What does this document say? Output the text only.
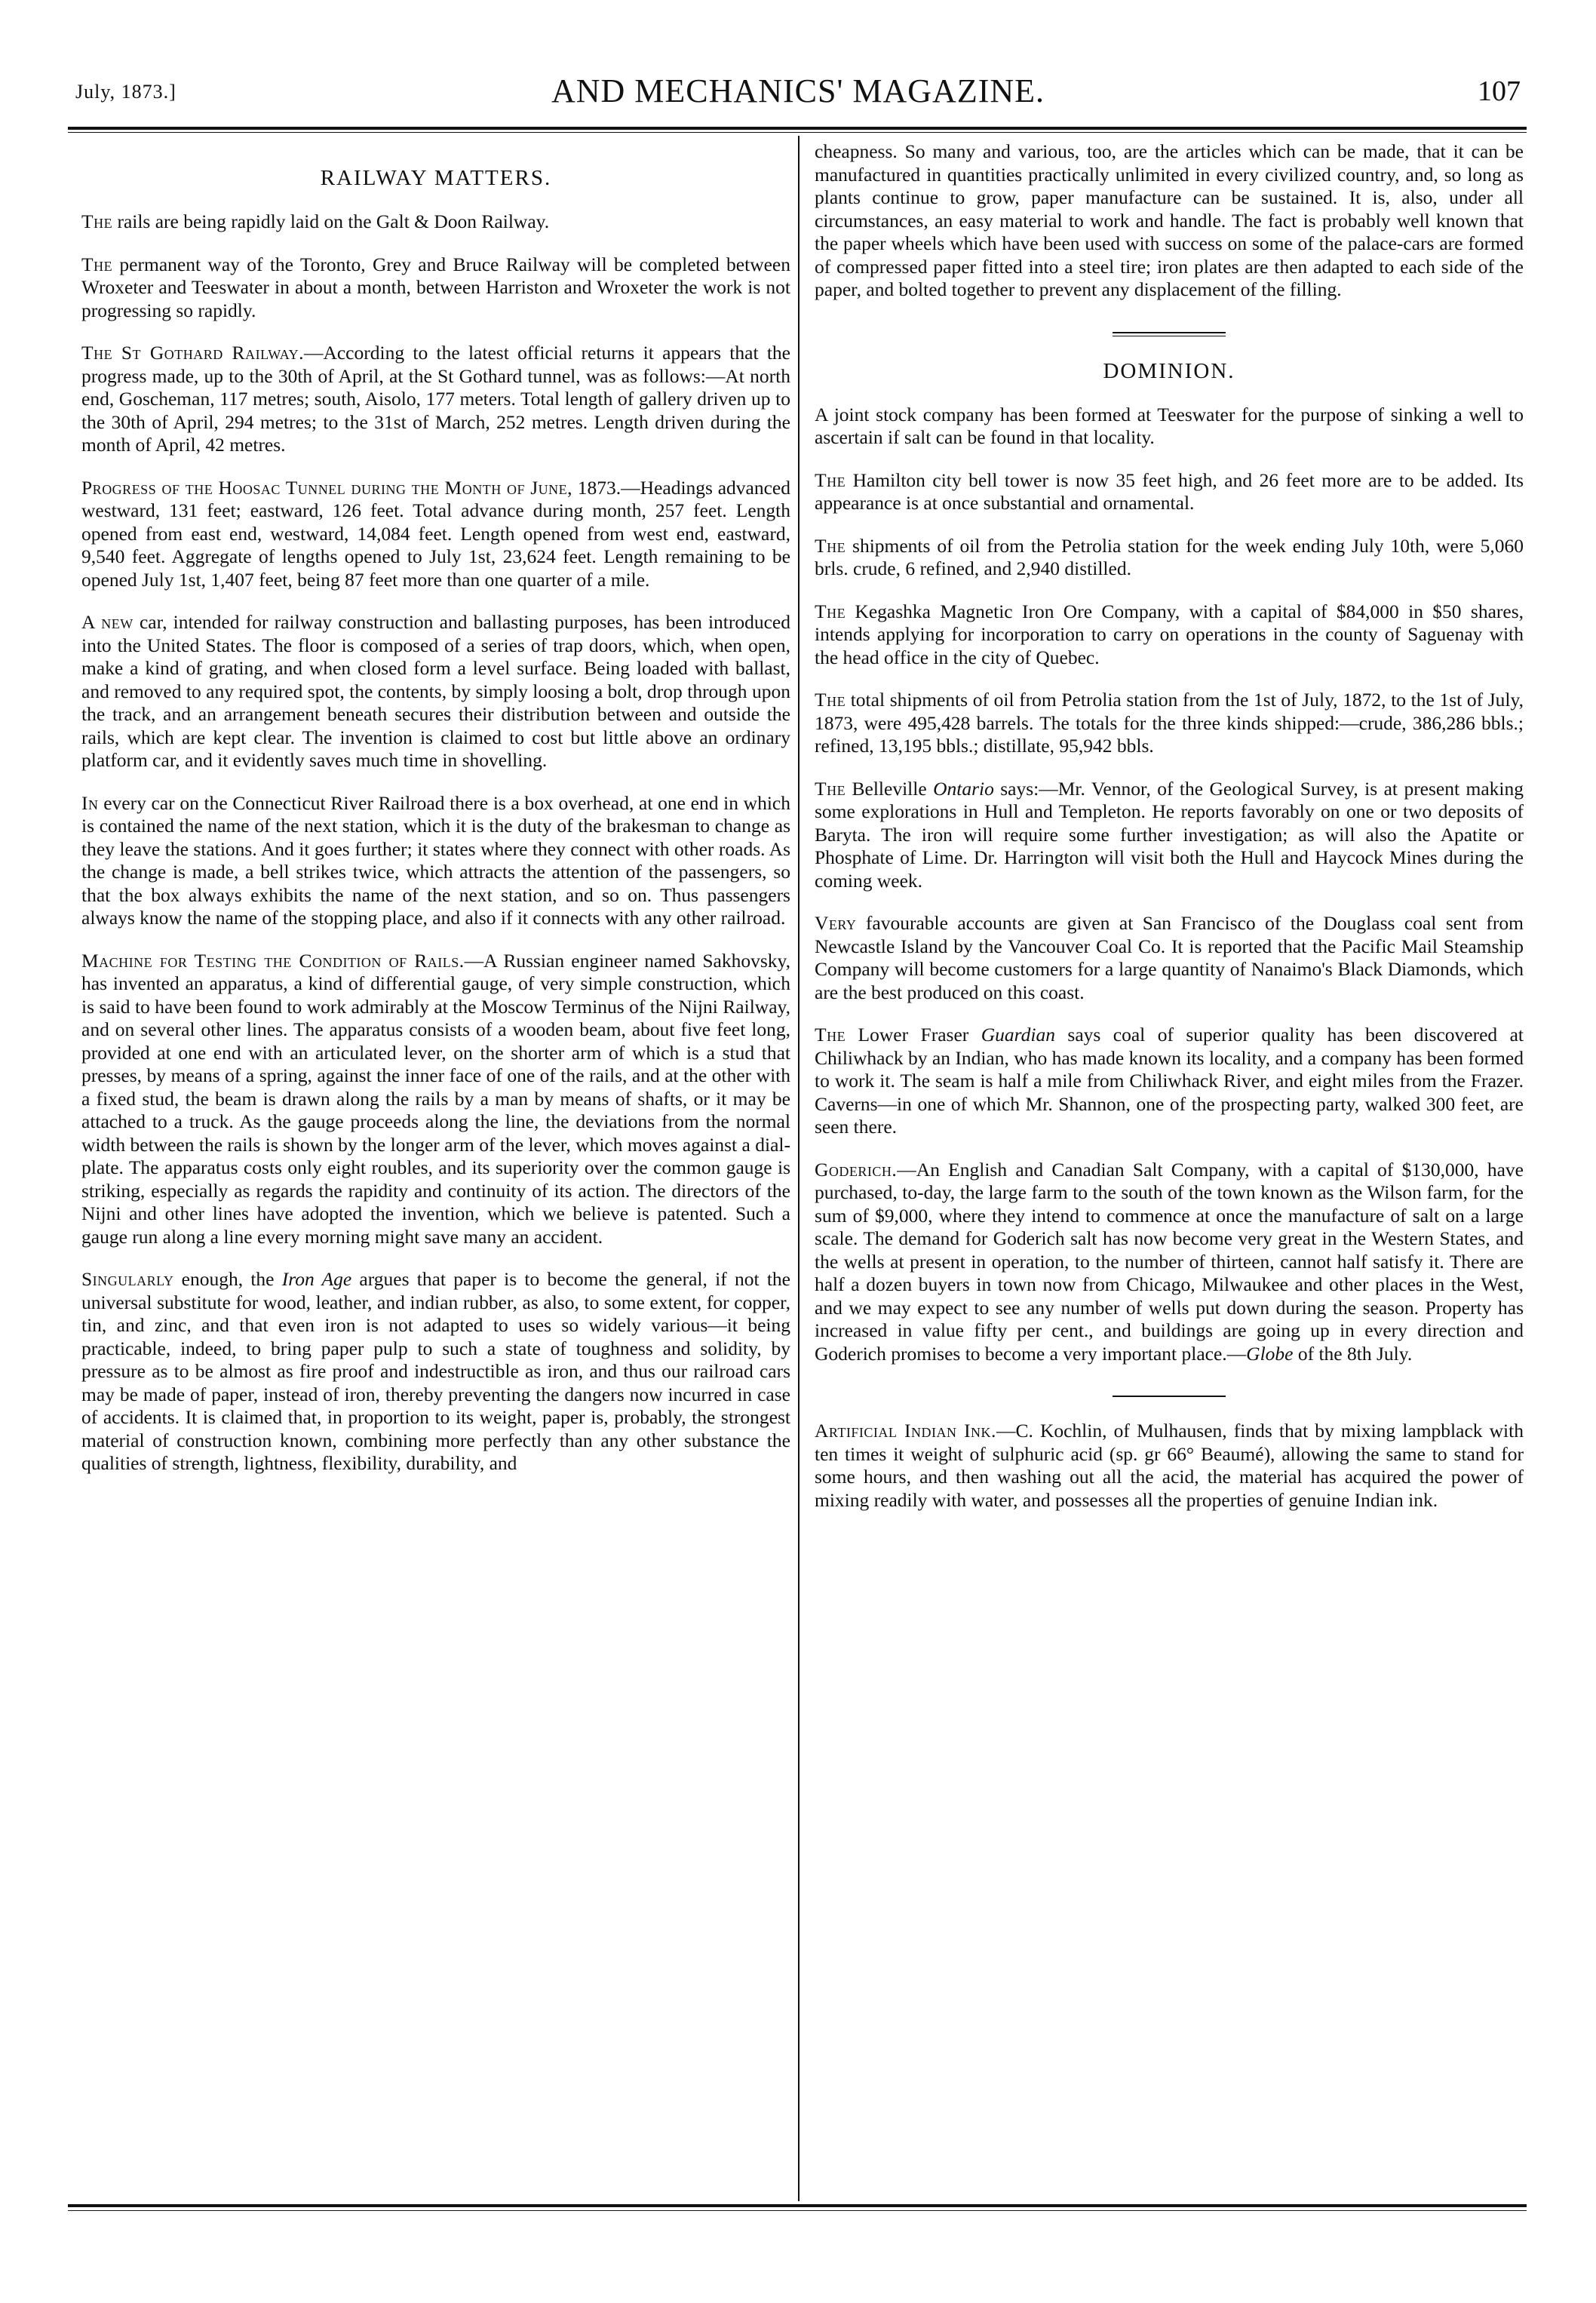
July, 1873.]	AND MECHANICS' MAGAZINE.	107
RAILWAY MATTERS.

The rails are being rapidly laid on the Galt & Doon Railway.

The permanent way of the Toronto, Grey and Bruce Railway will be completed between Wroxeter and Teeswater in about a month, between Harriston and Wroxeter the work is not progressing so rapidly.

The St Gothard Railway.—According to the latest official returns it appears that the progress made, up to the 30th of April, at the St Gothard tunnel, was as follows:—At north end, Goscheman, 117 metres; south, Aisolo, 177 meters. Total length of gallery driven up to the 30th of April, 294 metres; to the 31st of March, 252 metres. Length driven during the month of April, 42 metres.

Progress of the Hoosac Tunnel during the Month of June, 1873.—Headings advanced westward, 131 feet; eastward, 126 feet. Total advance during month, 257 feet. Length opened from east end, westward, 14,084 feet. Length opened from west end, eastward, 9,540 feet. Aggregate of lengths opened to July 1st, 23,624 feet. Length remaining to be opened July 1st, 1,407 feet, being 87 feet more than one quarter of a mile.

A new car, intended for railway construction and ballasting purposes, has been introduced into the United States. The floor is composed of a series of trap doors, which, when open, make a kind of grating, and when closed form a level surface. Being loaded with ballast, and removed to any required spot, the contents, by simply loosing a bolt, drop through upon the track, and an arrangement beneath secures their distribution between and outside the rails, which are kept clear. The invention is claimed to cost but little above an ordinary platform car, and it evidently saves much time in shovelling.

In every car on the Connecticut River Railroad there is a box overhead, at one end in which is contained the name of the next station, which it is the duty of the brakesman to change as they leave the stations. And it goes further; it states where they connect with other roads. As the change is made, a bell strikes twice, which attracts the attention of the passengers, so that the box always exhibits the name of the next station, and so on. Thus passengers always know the name of the stopping place, and also if it connects with any other railroad.

Machine for Testing the Condition of Rails.—A Russian engineer named Sakhovsky, has invented an apparatus, a kind of differential gauge, of very simple construction, which is said to have been found to work admirably at the Moscow Terminus of the Nijni Railway, and on several other lines. The apparatus consists of a wooden beam, about five feet long, provided at one end with an articulated lever, on the shorter arm of which is a stud that presses, by means of a spring, against the inner face of one of the rails, and at the other with a fixed stud, the beam is drawn along the rails by a man by means of shafts, or it may be attached to a truck. As the gauge proceeds along the line, the deviations from the normal width between the rails is shown by the longer arm of the lever, which moves against a dial-plate. The apparatus costs only eight roubles, and its superiority over the common gauge is striking, especially as regards the rapidity and continuity of its action. The directors of the Nijni and other lines have adopted the invention, which we believe is patented. Such a gauge run along a line every morning might save many an accident.

Singularly enough, the Iron Age argues that paper is to become the general, if not the universal substitute for wood, leather, and indian rubber, as also, to some extent, for copper, tin, and zinc, and that even iron is not adapted to uses so widely various—it being practicable, indeed, to bring paper pulp to such a state of toughness and solidity, by pressure as to be almost as fire proof and indestructible as iron, and thus our railroad cars may be made of paper, instead of iron, thereby preventing the dangers now incurred in case of accidents. It is claimed that, in proportion to its weight, paper is, probably, the strongest material of construction known, combining more perfectly than any other substance the qualities of strength, lightness, flexibility, durability, and

cheapness. So many and various, too, are the articles which can be made, that it can be manufactured in quantities practically unlimited in every civilized country, and, so long as plants continue to grow, paper manufacture can be sustained. It is, also, under all circumstances, an easy material to work and handle. The fact is probably well known that the paper wheels which have been used with success on some of the palace-cars are formed of compressed paper fitted into a steel tire; iron plates are then adapted to each side of the paper, and bolted together to prevent any displacement of the filling.

DOMINION.

A joint stock company has been formed at Teeswater for the purpose of sinking a well to ascertain if salt can be found in that locality.

The Hamilton city bell tower is now 35 feet high, and 26 feet more are to be added. Its appearance is at once substantial and ornamental.

The shipments of oil from the Petrolia station for the week ending July 10th, were 5,060 brls. crude, 6 refined, and 2,940 distilled.

The Kegashka Magnetic Iron Ore Company, with a capital of $84,000 in $50 shares, intends applying for incorporation to carry on operations in the county of Saguenay with the head office in the city of Quebec.

The total shipments of oil from Petrolia station from the 1st of July, 1872, to the 1st of July, 1873, were 495,428 barrels. The totals for the three kinds shipped:—crude, 386,286 bbls.; refined, 13,195 bbls.; distillate, 95,942 bbls.

The Belleville Ontario says:—Mr. Vennor, of the Geological Survey, is at present making some explorations in Hull and Templeton. He reports favorably on one or two deposits of Baryta. The iron will require some further investigation; as will also the Apatite or Phosphate of Lime. Dr. Harrington will visit both the Hull and Haycock Mines during the coming week.

Very favourable accounts are given at San Francisco of the Douglass coal sent from Newcastle Island by the Vancouver Coal Co. It is reported that the Pacific Mail Steamship Company will become customers for a large quantity of Nanaimo's Black Diamonds, which are the best produced on this coast.

The Lower Fraser Guardian says coal of superior quality has been discovered at Chiliwhack by an Indian, who has made known its locality, and a company has been formed to work it. The seam is half a mile from Chiliwhack River, and eight miles from the Frazer. Caverns—in one of which Mr. Shannon, one of the prospecting party, walked 300 feet, are seen there.

Goderich.—An English and Canadian Salt Company, with a capital of $130,000, have purchased, to-day, the large farm to the south of the town known as the Wilson farm, for the sum of $9,000, where they intend to commence at once the manufacture of salt on a large scale. The demand for Goderich salt has now become very great in the Western States, and the wells at present in operation, to the number of thirteen, cannot half satisfy it. There are half a dozen buyers in town now from Chicago, Milwaukee and other places in the West, and we may expect to see any number of wells put down during the season. Property has increased in value fifty per cent., and buildings are going up in every direction and Goderich promises to become a very important place.—Globe of the 8th July.

Artificial Indian Ink.—C. Kochlin, of Mulhausen, finds that by mixing lampblack with ten times it weight of sulphuric acid (sp. gr 66° Beaumé), allowing the same to stand for some hours, and then washing out all the acid, the material has acquired the power of mixing readily with water, and possesses all the properties of genuine Indian ink.
